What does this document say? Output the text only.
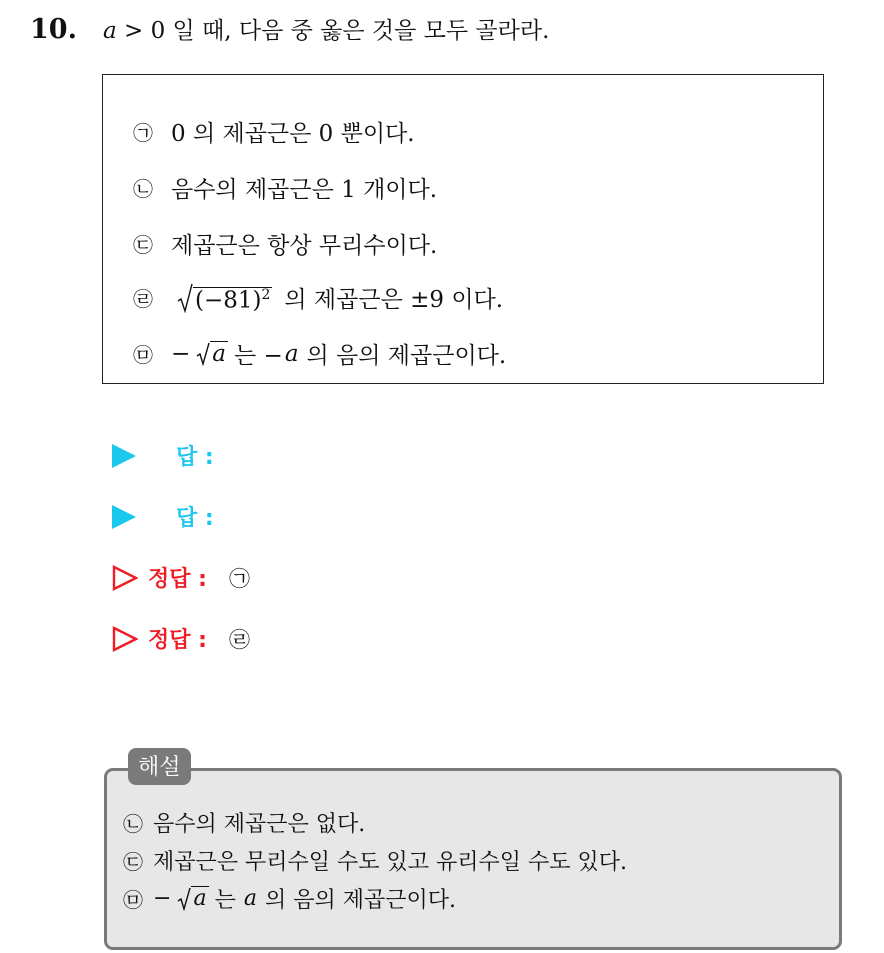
10. a > 0 일 때, 다음 중 옳은 것을 모두 골라라.
㉠ 0 의 제곱근은 0 뿐이다.
㉡ 음수의 제곱근은 1 개이다.
㉢ 제곱근은 항상 무리수이다.
㉣ $(-81)^2$ 의 제곱근은 ±9 이다.
㉤ − a 는 − a 의 음의 제곱근이다.
답 :
답 :
정답 : ㉠
정답 : ㉣
㉡ 음수의 제곱근은 없다.
㉢ 제곱근은 무리수일 수도 있고 유리수일 수도 있다.
㉤ − a 는 a 의 음의 제곱근이다.
해설
